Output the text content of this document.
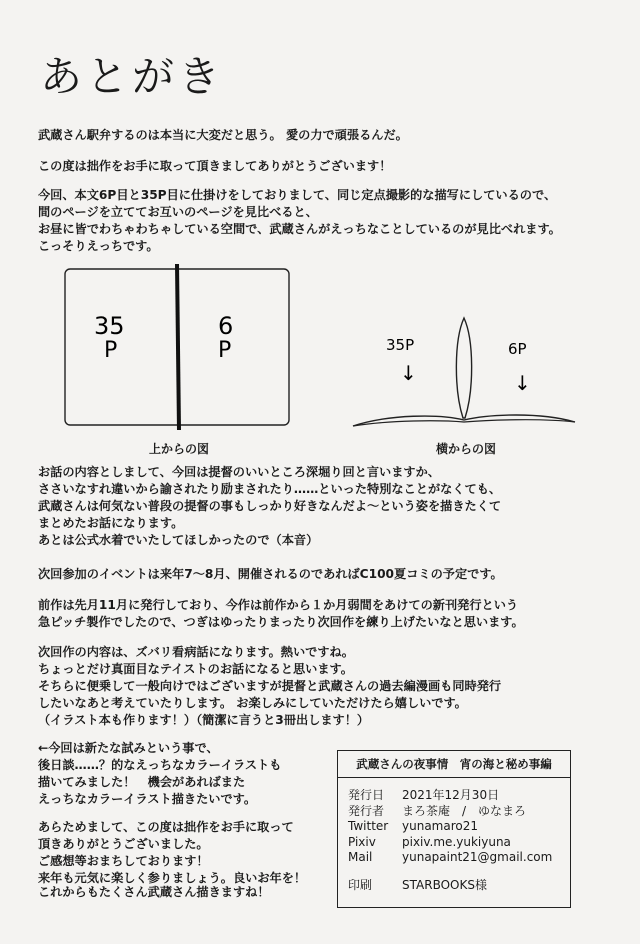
あとがき
武蔵さん駅弁するのは本当に大変だと思う。 愛の力で頑張るんだ。
この度は拙作をお手に取って頂きましてありがとうございます！
今回、本文6P目と35P目に仕掛けをしておりまして、同じ定点撮影的な描写にしているので、
間のページを立ててお互いのページを見比べると、
お昼に皆でわちゃわちゃしている空間で、武蔵さんがえっちなことしているのが見比べれます。
こっそりえっちです。
35
P
6
P
上からの図
35P	6P
↓	↓
横からの図
お話の内容としまして、今回は提督のいいところ深堀り回と言いますか、
ささいなすれ違いから諭されたり励まされたり……といった特別なことがなくても、
武蔵さんは何気ない普段の提督の事もしっかり好きなんだよ～という姿を描きたくて
まとめたお話になります。
あとは公式水着でいたしてほしかったので（本音）
次回参加のイベントは来年7～8月、開催されるのであればC100夏コミの予定です。
前作は先月11月に発行しており、今作は前作から１か月弱間をあけての新刊発行という
急ピッチ製作でしたので、つぎはゆったりまったり次回作を練り上げたいなと思います。
次回作の内容は、ズバリ看病話になります。熱いですね。
ちょっとだけ真面目なテイストのお話になると思います。
そちらに便乗して一般向けではございますが提督と武蔵さんの過去編漫画も同時発行
したいなあと考えていたりします。 お楽しみにしていただけたら嬉しいです。
（イラスト本も作ります！）（簡潔に言うと3冊出します！）
←今回は新たな試みという事で、
後日談……？的なえっちなカラーイラストも
描いてみました！　機会があればまた
えっちなカラーイラスト描きたいです。
あらためまして、この度は拙作をお手に取って
頂きありがとうございました。
ご感想等おまちしております！
来年も元気に楽しく参りましょう。良いお年を！
これからもたくさん武蔵さん描きますね！
武蔵さんの夜事情　宵の海と秘め事編
発行日	2021年12月30日
発行者	まろ茶庵　/　ゆなまろ
Twitter	yunamaro21
Pixiv	pixiv.me.yukiyuna
Mail	yunapaint21@gmail.com
印刷	STARBOOKS様
